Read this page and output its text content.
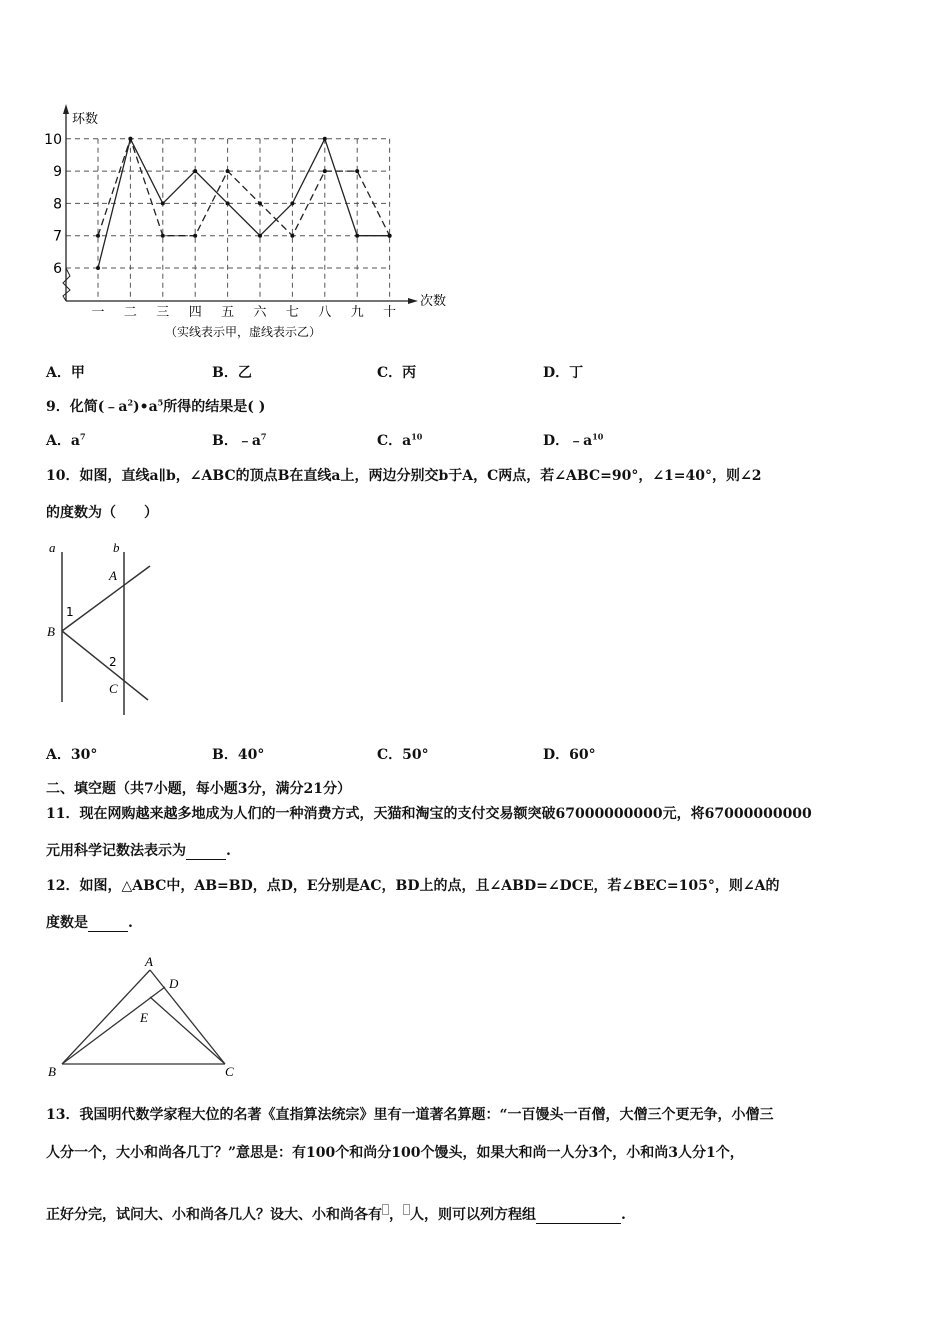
6
7
8
9
10
一 二 三 四 五 六 七 八 九 十
环数
次数
（实线表示甲，虚线表示乙）
A．甲	B．乙	C．丙	D．丁
9．化简$(﹣a^2)•a^5$所得的结果是( )
A．$a^7$	B．$﹣a^7$	C．$a^{10}$	D．$﹣a^{10}$
10．如图，直线a∥b，∠ABC的顶点B在直线a上，两边分别交b于A，C两点，若∠ABC=90°，∠1=40°，则∠2
的度数为（　　）
a	b
A
B
C
1
2
A．30°	B．40°	C．50°	D．60°
二、填空题（共7小题，每小题3分，满分21分）
11．现在网购越来越多地成为人们的一种消费方式，天猫和淘宝的支付交易额突破67000000000元，将67000000000
元用科学记数法表示为	.
12．如图，△ABC中，AB=BD，点D，E分别是AC，BD上的点，且∠ABD=∠DCE，若∠BEC=105°，则∠A的
度数是	.
A
B	C
D
E
13．我国明代数学家程大位的名著《直指算法统宗》里有一道著名算题：“一百馒头一百僧，大僧三个更无争，小僧三
人分一个，大小和尚各几丁？”意思是：有100个和尚分100个馒头，如果大和尚一人分3个，小和尚3人分1个，
正好分完，试问大、小和尚各几人？设大、小和尚各有 ， 人，则可以列方程组	.
